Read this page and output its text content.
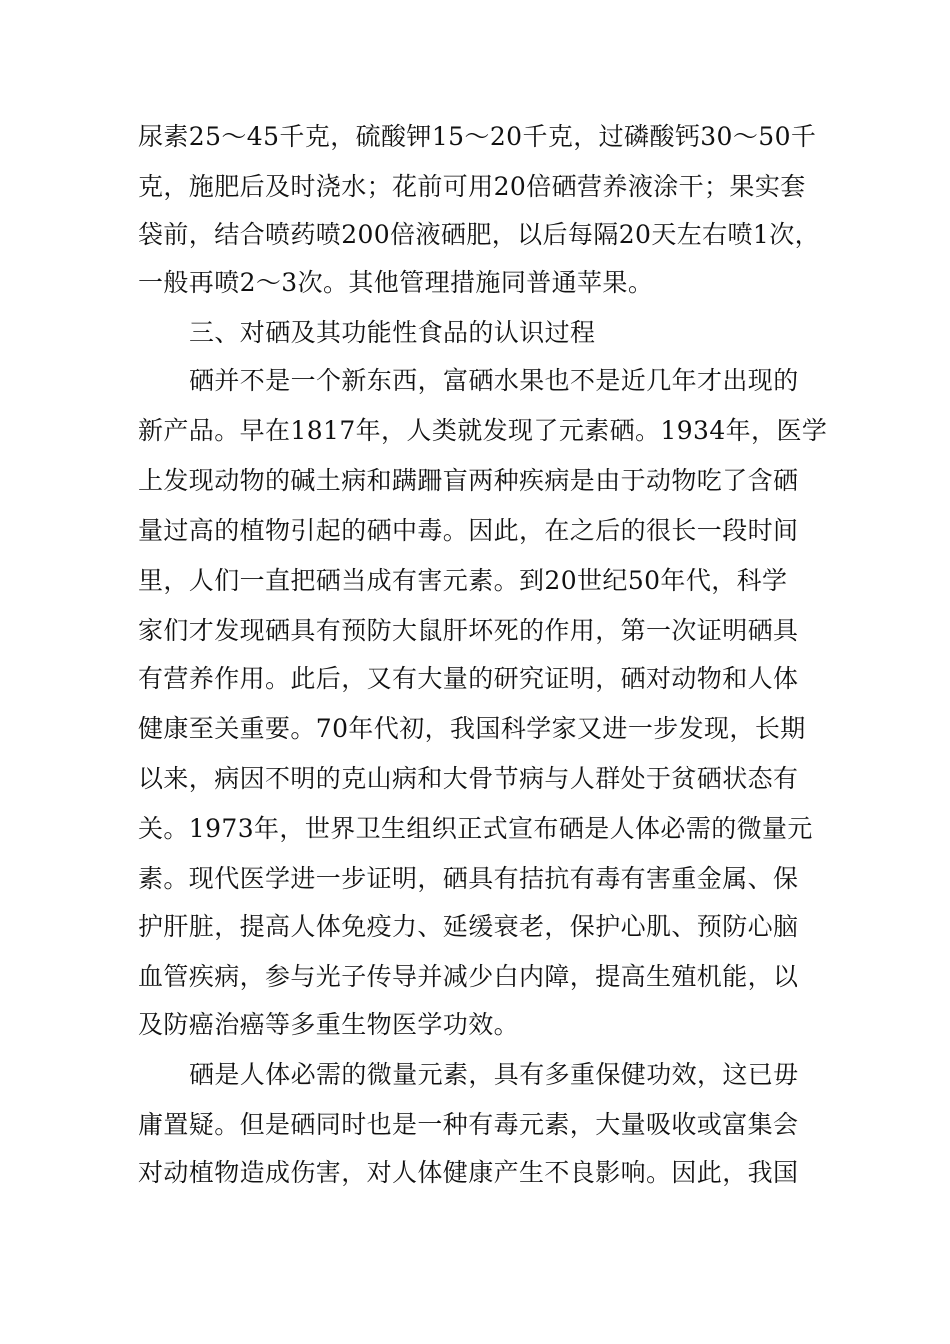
尿素25～45千克，硫酸钾15～20千克，过磷酸钙30～50千
克，施肥后及时浇水；花前可用20倍硒营养液涂干；果实套
袋前，结合喷药喷200倍液硒肥，以后每隔20天左右喷1次，
一般再喷2～3次。其他管理措施同普通苹果。
三、对硒及其功能性食品的认识过程
硒并不是一个新东西，富硒水果也不是近几年才出现的
新产品。早在1817年，人类就发现了元素硒。1934年，医学
上发现动物的碱土病和蹒跚盲两种疾病是由于动物吃了含硒
量过高的植物引起的硒中毒。因此，在之后的很长一段时间
里，人们一直把硒当成有害元素。到20世纪50年代，科学
家们才发现硒具有预防大鼠肝坏死的作用，第一次证明硒具
有营养作用。此后，又有大量的研究证明，硒对动物和人体
健康至关重要。70年代初，我国科学家又进一步发现，长期
以来，病因不明的克山病和大骨节病与人群处于贫硒状态有
关。1973年，世界卫生组织正式宣布硒是人体必需的微量元
素。现代医学进一步证明，硒具有拮抗有毒有害重金属、保
护肝脏，提高人体免疫力、延缓衰老，保护心肌、预防心脑
血管疾病，参与光子传导并减少白内障，提高生殖机能，以
及防癌治癌等多重生物医学功效。
硒是人体必需的微量元素，具有多重保健功效，这已毋
庸置疑。但是硒同时也是一种有毒元素，大量吸收或富集会
对动植物造成伤害，对人体健康产生不良影响。因此，我国
